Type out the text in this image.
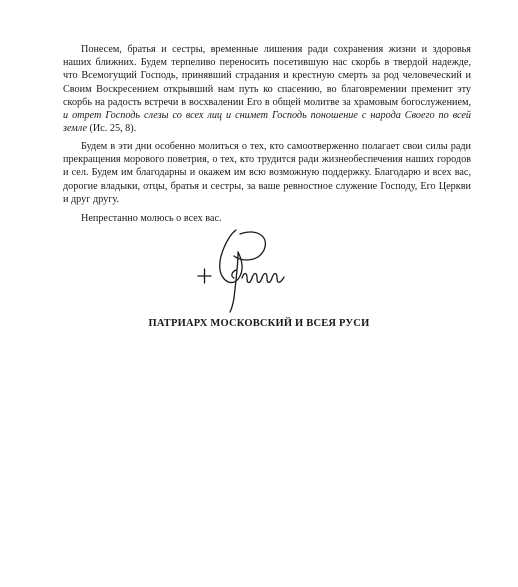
Понесем, братья и сестры, временные лишения ради сохранения жизни и здоровья наших ближних. Будем терпеливо переносить посетившую нас скорбь в твердой надежде, что Всемогущий Господь, принявший страдания и крестную смерть за род человеческий и Своим Воскресением открывший нам путь ко спасению, во благовремении пременит эту скорбь на радость встречи в восхвалении Его в общей молитве за храмовым богослужением, и отрет Господь слезы со всех лиц и снимет Господь поношение с народа Своего по всей земле (Ис. 25, 8).

Будем в эти дни особенно молиться о тех, кто самоотверженно полагает свои силы ради прекращения морового поветрия, о тех, кто трудится ради жизнеобеспечения наших городов и сел. Будем им благодарны и окажем им всю возможную поддержку. Благодарю и всех вас, дорогие владыки, отцы, братья и сестры, за ваше ревностное служение Господу, Его Церкви и друг другу.

Непрестанно молюсь о всех вас.

ПАТРИАРХ МОСКОВСКИЙ И ВСЕЯ РУСИ
